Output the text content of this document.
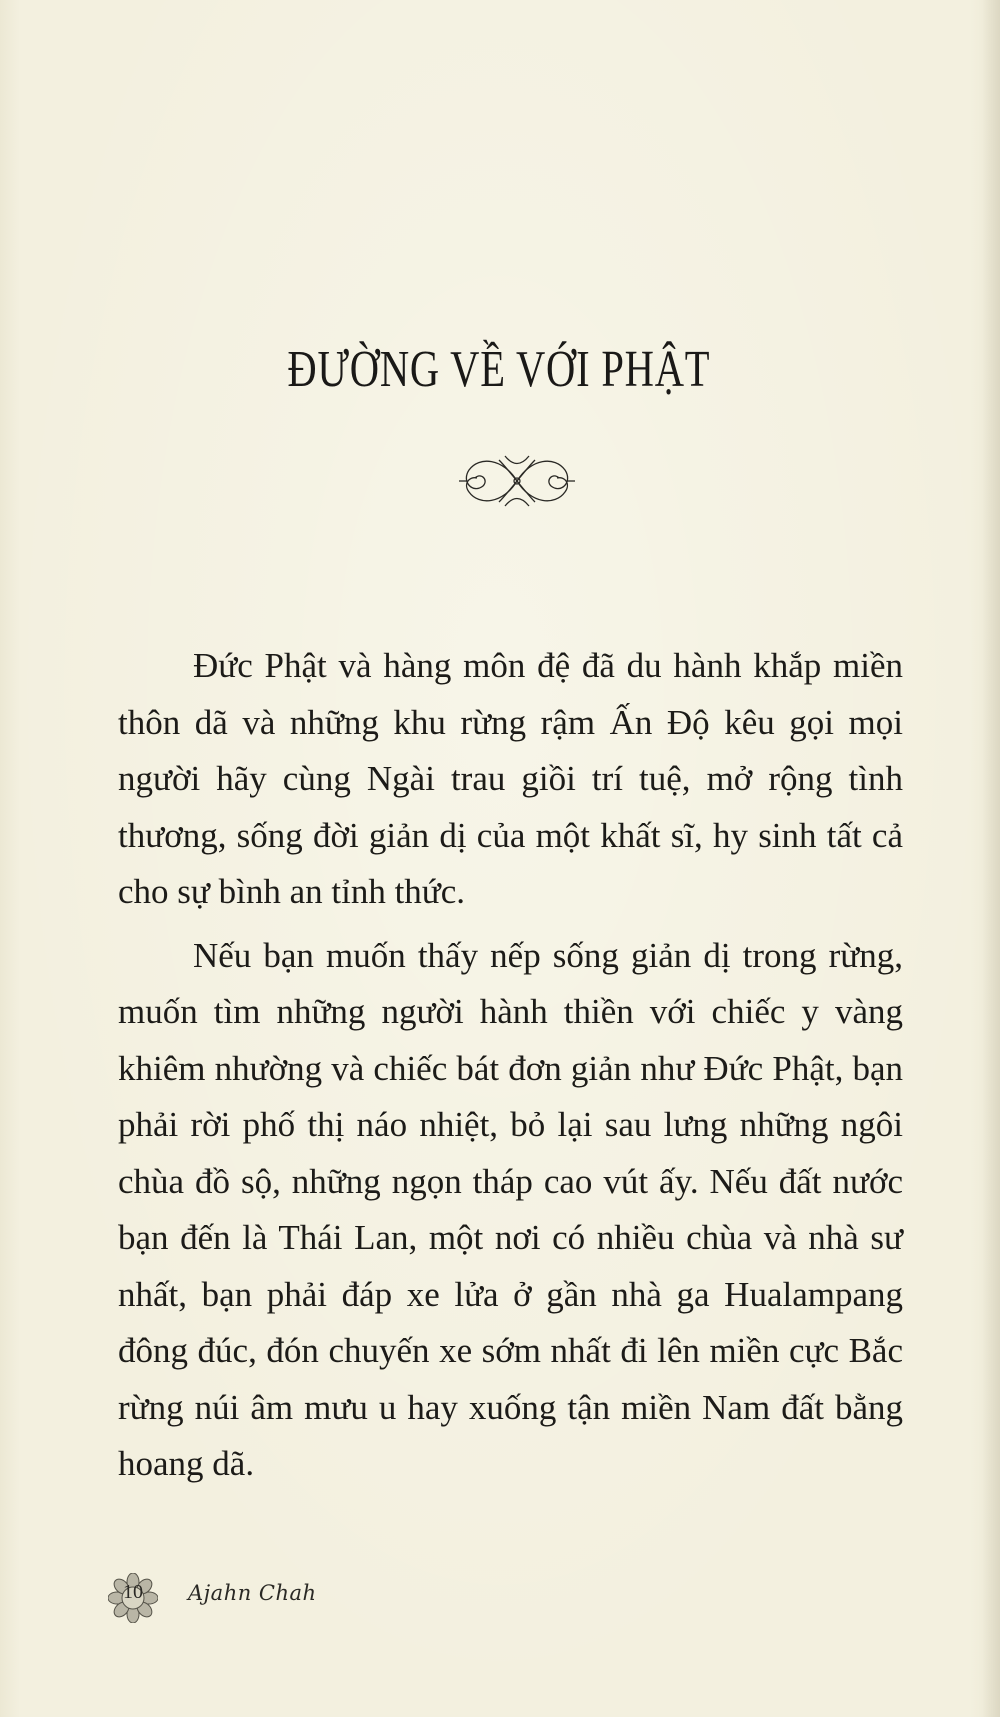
ĐƯỜNG VỀ VỚI PHẬT

Đức Phật và hàng môn đệ đã du hành khắp miền thôn dã và những khu rừng rậm Ấn Độ kêu gọi mọi người hãy cùng Ngài trau giồi trí tuệ, mở rộng tình thương, sống đời giản dị của một khất sĩ, hy sinh tất cả cho sự bình an tỉnh thức.

Nếu bạn muốn thấy nếp sống giản dị trong rừng, muốn tìm những người hành thiền với chiếc y vàng khiêm nhường và chiếc bát đơn giản như Đức Phật, bạn phải rời phố thị náo nhiệt, bỏ lại sau lưng những ngôi chùa đồ sộ, những ngọn tháp cao vút ấy. Nếu đất nước bạn đến là Thái Lan, một nơi có nhiều chùa và nhà sư nhất, bạn phải đáp xe lửa ở gần nhà ga Hualampang đông đúc, đón chuyến xe sớm nhất đi lên miền cực Bắc rừng núi âm mưu u hay xuống tận miền Nam đất bằng hoang dã.

10 Ajahn Chah
